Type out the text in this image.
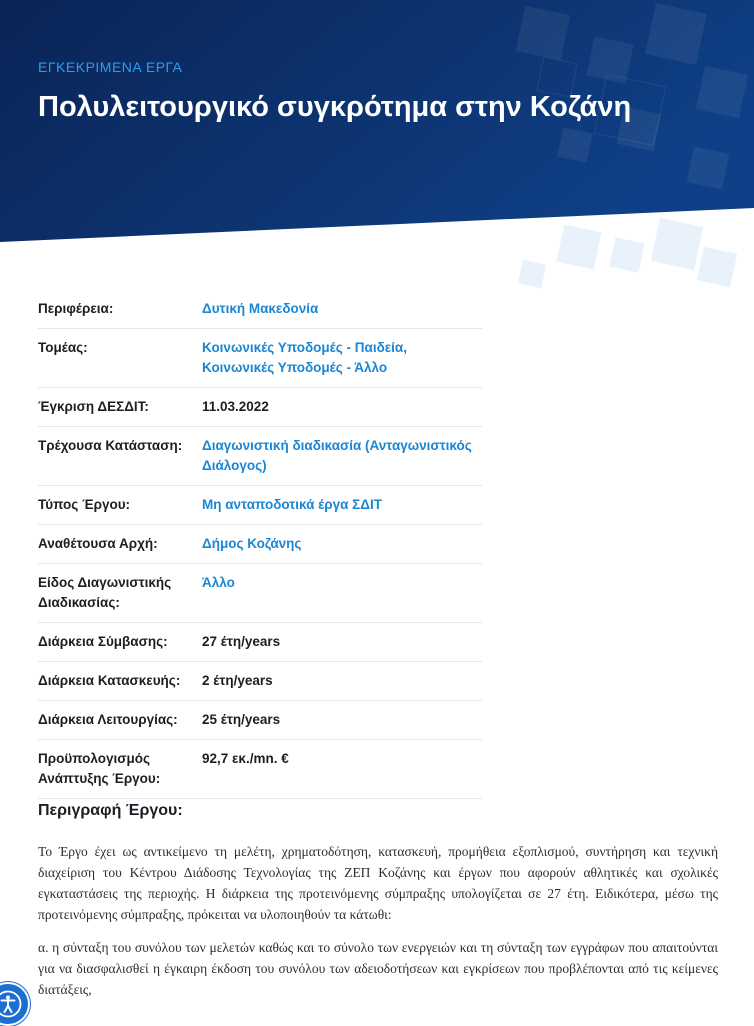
ΕΓΚΕΚΡΙΜΕΝΑ ΕΡΓΑ
Πολυλειτουργικό συγκρότημα στην Κοζάνη
Περιφέρεια:	Δυτική Μακεδονία
Τομέας:	Κοινωνικές Υποδομές - Παιδεία, Κοινωνικές Υποδομές - Άλλο
Έγκριση ΔΕΣΔΙΤ:	11.03.2022
Τρέχουσα Κατάσταση:	Διαγωνιστική διαδικασία (Ανταγωνιστικός Διάλογος)
Τύπος Έργου:	Μη ανταποδοτικά έργα ΣΔΙΤ
Αναθέτουσα Αρχή:	Δήμος Κοζάνης
Είδος Διαγωνιστικής Διαδικασίας:	Άλλο
Διάρκεια Σύμβασης:	27 έτη/years
Διάρκεια Κατασκευής:	2 έτη/years
Διάρκεια Λειτουργίας:	25 έτη/years
Προϋπολογισμός Ανάπτυξης Έργου:	92,7 εκ./mn. €
Περιγραφή Έργου:

Το Έργο έχει ως αντικείμενο τη μελέτη, χρηματοδότηση, κατασκευή, προμήθεια εξοπλισμού, συντήρηση και τεχνική διαχείριση του Κέντρου Διάδοσης Τεχνολογίας της ΖΕΠ Κοζάνης και έργων που αφορούν αθλητικές και σχολικές εγκαταστάσεις της περιοχής. Η διάρκεια της προτεινόμενης σύμπραξης υπολογίζεται σε 27 έτη. Ειδικότερα, μέσω της προτεινόμενης σύμπραξης, πρόκειται να υλοποιηθούν τα κάτωθι:

α. η σύνταξη του συνόλου των μελετών καθώς και το σύνολο των ενεργειών και τη σύνταξη των εγγράφων που απαιτούνται για να διασφαλισθεί η έγκαιρη έκδοση του συνόλου των αδειοδοτήσεων και εγκρίσεων που προβλέπονται από τις κείμενες διατάξεις,
